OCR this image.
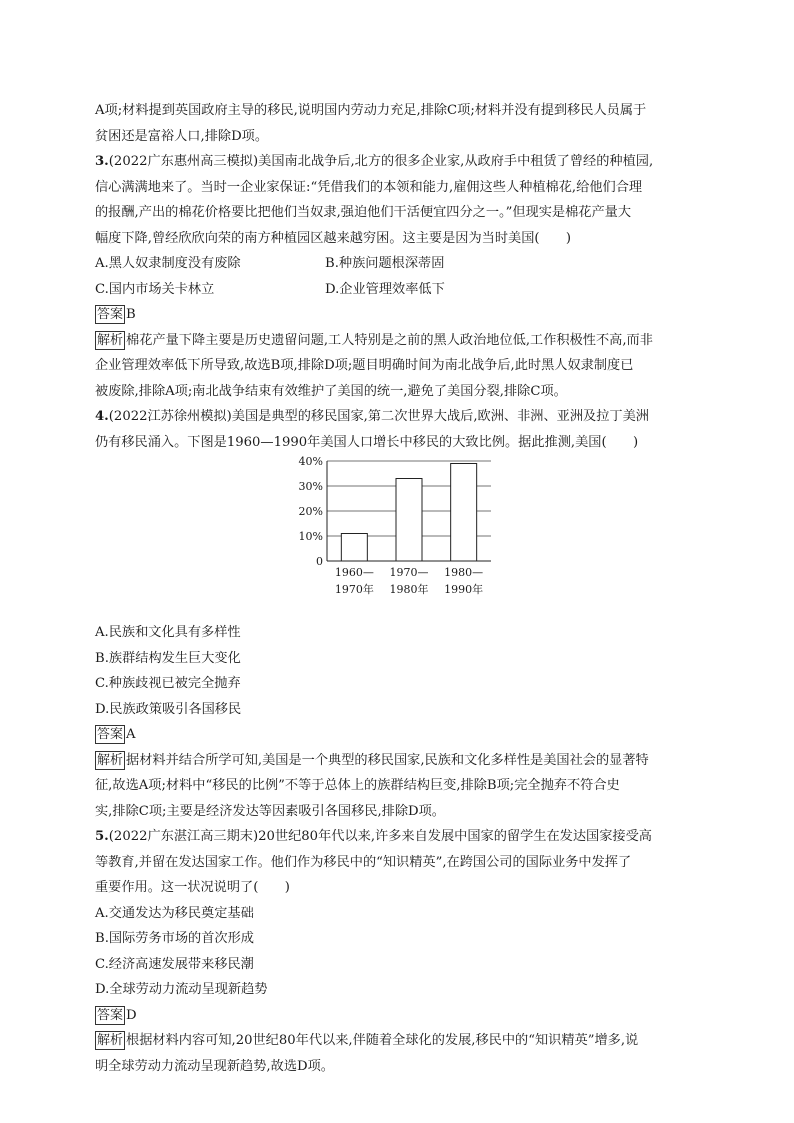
A项;材料提到英国政府主导的移民,说明国内劳动力充足,排除C项;材料并没有提到移民人员属于
贫困还是富裕人口,排除D项。

3.(2022广东惠州高三模拟)美国南北战争后,北方的很多企业家,从政府手中租赁了曾经的种植园,
信心满满地来了。当时一企业家保证:“凭借我们的本领和能力,雇佣这些人种植棉花,给他们合理
的报酬,产出的棉花价格要比把他们当奴隶,强迫他们干活便宜四分之一。”但现实是棉花产量大
幅度下降,曾经欣欣向荣的南方种植园区越来越穷困。这主要是因为当时美国(　　)

A.黑人奴隶制度没有废除	B.种族问题根深蒂固
C.国内市场关卡林立	D.企业管理效率低下

答案 B

解析 棉花产量下降主要是历史遗留问题,工人特别是之前的黑人政治地位低,工作积极性不高,而非
企业管理效率低下所导致,故选B项,排除D项;题目明确时间为南北战争后,此时黑人奴隶制度已
被废除,排除A项;南北战争结束有效维护了美国的统一,避免了美国分裂,排除C项。

4.(2022江苏徐州模拟)美国是典型的移民国家,第二次世界大战后,欧洲、非洲、亚洲及拉丁美洲
仍有移民涌入。下图是1960—1990年美国人口增长中移民的大致比例。据此推测,美国(　　)

0
10%
20%
30%
40%
1960—
1970年
1970—
1980年
1980—
1990年
A.民族和文化具有多样性
B.族群结构发生巨大变化
C.种族歧视已被完全抛弃
D.民族政策吸引各国移民

答案 A

解析 据材料并结合所学可知,美国是一个典型的移民国家,民族和文化多样性是美国社会的显著特
征,故选A项;材料中“移民的比例”不等于总体上的族群结构巨变,排除B项;完全抛弃不符合史
实,排除C项;主要是经济发达等因素吸引各国移民,排除D项。

5.(2022广东湛江高三期末)20世纪80年代以来,许多来自发展中国家的留学生在发达国家接受高
等教育,并留在发达国家工作。他们作为移民中的“知识精英”,在跨国公司的国际业务中发挥了
重要作用。这一状况说明了(　　)

A.交通发达为移民奠定基础
B.国际劳务市场的首次形成
C.经济高速发展带来移民潮
D.全球劳动力流动呈现新趋势

答案 D

解析 根据材料内容可知,20世纪80年代以来,伴随着全球化的发展,移民中的“知识精英”增多,说
明全球劳动力流动呈现新趋势,故选D项。
